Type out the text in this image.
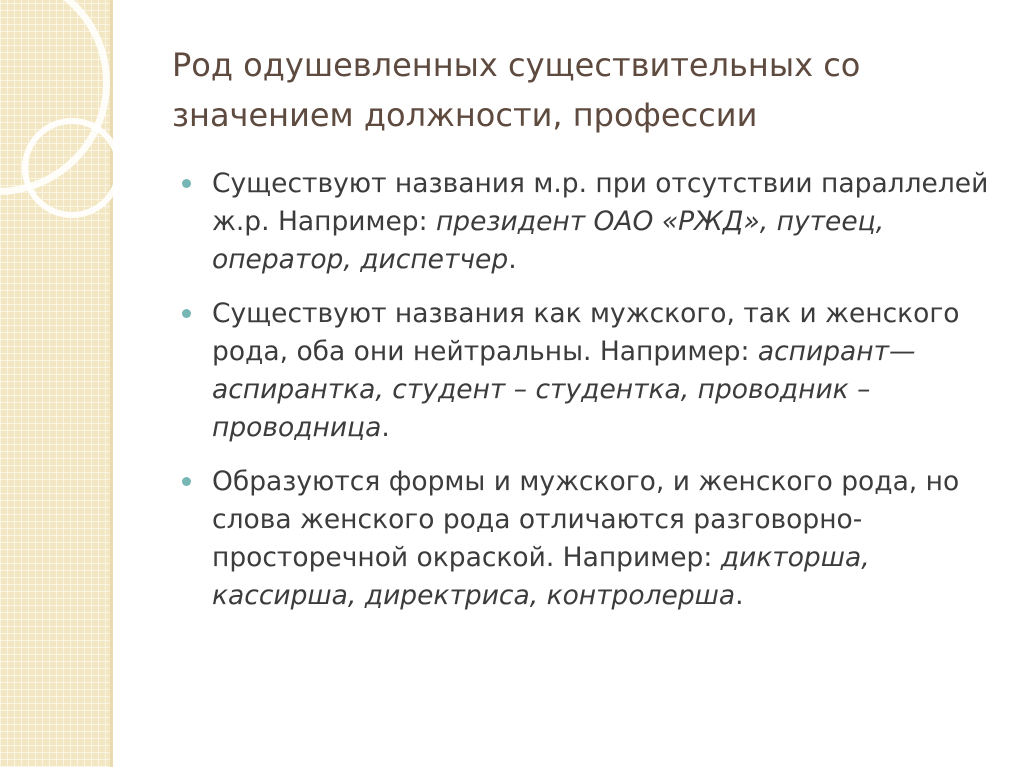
Род одушевленных существительных со значением должности, профессии
Существуют названия м.р. при отсутствии параллелей ж.р. Например: президент ОАО «РЖД», путеец, оператор, диспетчер.
Существуют названия как мужского, так и женского рода, оба они нейтральны. Например: аспирант—аспирантка, студент – студентка, проводник – проводница.
Образуются формы и мужского, и женского рода, но слова женского рода отличаются разговорно-просторечной окраской. Например: дикторша, кассирша, директриса, контролерша.
